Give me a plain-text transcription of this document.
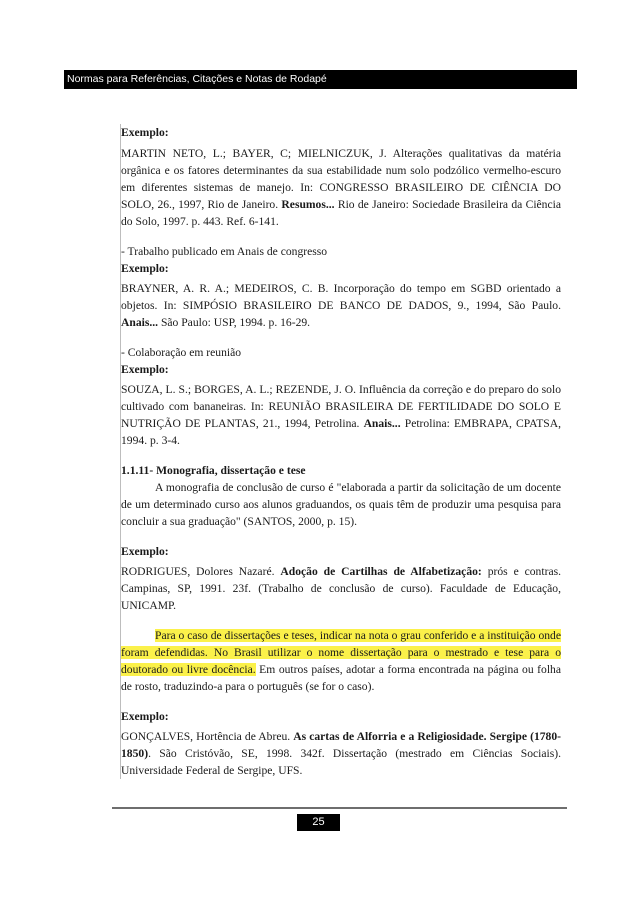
Normas para Referências, Citações e Notas de Rodapé

Exemplo:

MARTIN NETO, L.; BAYER, C; MIELNICZUK, J. Alterações qualitativas da matéria orgânica e os fatores determinantes da sua estabilidade num solo podzólico vermelho-escuro em diferentes sistemas de manejo. In: CONGRESSO BRASILEIRO DE CIÊNCIA DO SOLO, 26., 1997, Rio de Janeiro. Resumos... Rio de Janeiro: Sociedade Brasileira da Ciência do Solo, 1997. p. 443. Ref. 6-141.

- Trabalho publicado em Anais de congresso

Exemplo:

BRAYNER, A. R. A.; MEDEIROS, C. B. Incorporação do tempo em SGBD orientado a objetos. In: SIMPÓSIO BRASILEIRO DE BANCO DE DADOS, 9., 1994, São Paulo. Anais... São Paulo: USP, 1994. p. 16-29.

- Colaboração em reunião

Exemplo:

SOUZA, L. S.; BORGES, A. L.; REZENDE, J. O. Influência da correção e do preparo do solo cultivado com bananeiras. In: REUNIÃO BRASILEIRA DE FERTILIDADE DO SOLO E NUTRIÇÃO DE PLANTAS, 21., 1994, Petrolina. Anais... Petrolina: EMBRAPA, CPATSA, 1994. p. 3-4.

1.1.11- Monografia, dissertação e tese

A monografia de conclusão de curso é "elaborada a partir da solicitação de um docente de um determinado curso aos alunos graduandos, os quais têm de produzir uma pesquisa para concluir a sua graduação" (SANTOS, 2000, p. 15).

Exemplo:

RODRIGUES, Dolores Nazaré. Adoção de Cartilhas de Alfabetização: prós e contras. Campinas, SP, 1991. 23f. (Trabalho de conclusão de curso). Faculdade de Educação, UNICAMP.

Para o caso de dissertações e teses, indicar na nota o grau conferido e a instituição onde foram defendidas. No Brasil utilizar o nome dissertação para o mestrado e tese para o doutorado ou livre docência. Em outros países, adotar a forma encontrada na página ou folha de rosto, traduzindo-a para o português (se for o caso).

Exemplo:

GONÇALVES, Hortência de Abreu. As cartas de Alforria e a Religiosidade. Sergipe (1780-1850). São Cristóvão, SE, 1998. 342f. Dissertação (mestrado em Ciências Sociais). Universidade Federal de Sergipe, UFS.

25
